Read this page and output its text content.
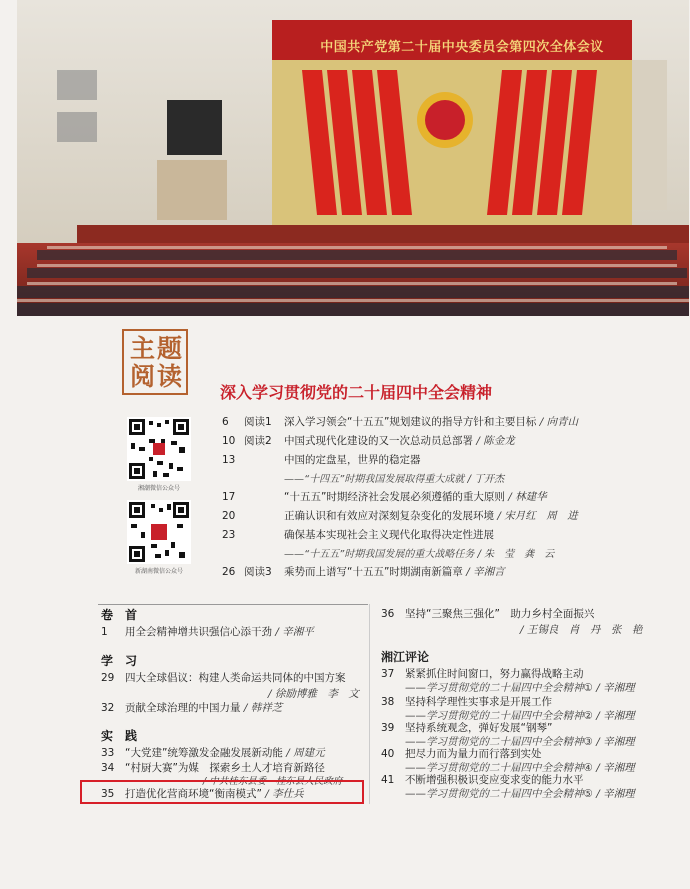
中国共产党第二十届中央委员会第四次全体会议
主 题
阅 读
深入学习贯彻党的二十届四中全会精神
湘潮微信公众号
新湖南微信公众号
6 阅读1 深入学习领会“十五五”规划建议的指导方针和主要目标 / 向青山
10 阅读2 中国式现代化建设的又一次总动员总部署 / 陈金龙
13	中国的定盘星，世界的稳定器
——“十四五”时期我国发展取得重大成就 / 丁开杰
17	“十五五”时期经济社会发展必须遵循的重大原则 / 林建华
20	正确认识和有效应对深刻复杂变化的发展环境 / 宋月红　周　进
23	确保基本实现社会主义现代化取得决定性进展
——“十五五”时期我国发展的重大战略任务 / 朱　莹　龚　云
26 阅读3 乘势而上谱写“十五五”时期湖南新篇章 / 辛湘言
卷首
1 用全会精神增共识强信心添干劲 / 辛湘平
学习
29 四大全球倡议：构建人类命运共同体的中国方案
/ 徐励博雅　李　文
32 贡献全球治理的中国力量 / 韩祥芝
实践
33 “大党建”统筹激发金融发展新动能 / 周建元
34 “村厨大赛”为媒　探索乡土人才培育新路径
/ 中共桂东县委　桂东县人民政府
35 打造优化营商环境“衡南模式” / 李仕兵
36 坚持“三聚焦三强化”　助力乡村全面振兴
/ 王锡良　肖　丹　张　艳
湘江评论
37 紧紧抓住时间窗口，努力赢得战略主动
——学习贯彻党的二十届四中全会精神① / 辛湘理
38 坚持科学理性实事求是开展工作
——学习贯彻党的二十届四中全会精神② / 辛湘理
39 坚持系统观念，弹好发展“钢琴”
——学习贯彻党的二十届四中全会精神③ / 辛湘理
40 把尽力而为量力而行落到实处
——学习贯彻党的二十届四中全会精神④ / 辛湘理
41 不断增强积极识变应变求变的能力水平
——学习贯彻党的二十届四中全会精神⑤ / 辛湘理
